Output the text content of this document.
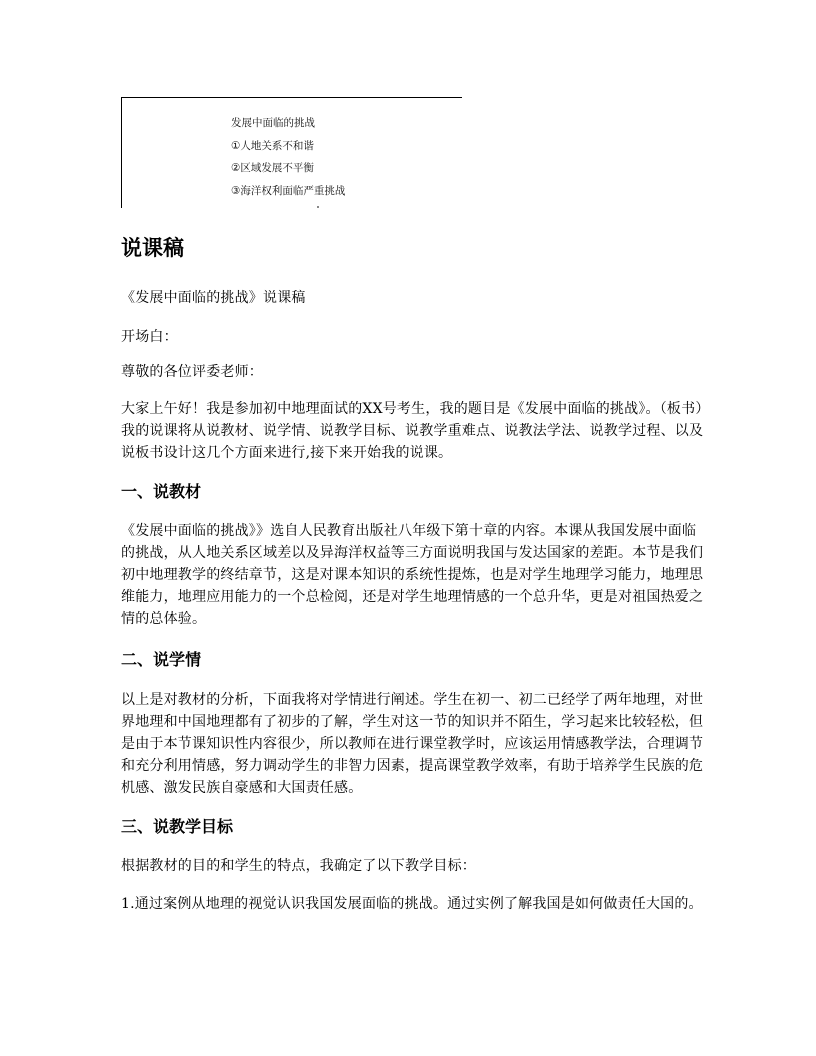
发展中面临的挑战
①人地关系不和谐
②区域发展不平衡
③海洋权利面临严重挑战
说课稿

《发展中面临的挑战》说课稿

开场白：

尊敬的各位评委老师：

大家上午好！我是参加初中地理面试的XX号考生，我的题目是《发展中面临的挑战》。（板书）我的说课将从说教材、说学情、说教学目标、说教学重难点、说教法学法、说教学过程、以及说板书设计这几个方面来进行,接下来开始我的说课。

一、说教材

《发展中面临的挑战》》选自人民教育出版社八年级下第十章的内容。本课从我国发展中面临的挑战，从人地关系区域差以及异海洋权益等三方面说明我国与发达国家的差距。本节是我们初中地理教学的终结章节，这是对课本知识的系统性提炼，也是对学生地理学习能力，地理思维能力，地理应用能力的一个总检阅，还是对学生地理情感的一个总升华，更是对祖国热爱之情的总体验。

二、说学情

以上是对教材的分析，下面我将对学情进行阐述。学生在初一、初二已经学了两年地理，对世界地理和中国地理都有了初步的了解，学生对这一节的知识并不陌生，学习起来比较轻松，但是由于本节课知识性内容很少，所以教师在进行课堂教学时，应该运用情感教学法，合理调节和充分利用情感，努力调动学生的非智力因素，提高课堂教学效率，有助于培养学生民族的危机感、激发民族自豪感和大国责任感。

三、说教学目标

根据教材的目的和学生的特点，我确定了以下教学目标：

1.通过案例从地理的视觉认识我国发展面临的挑战。通过实例了解我国是如何做责任大国的。
